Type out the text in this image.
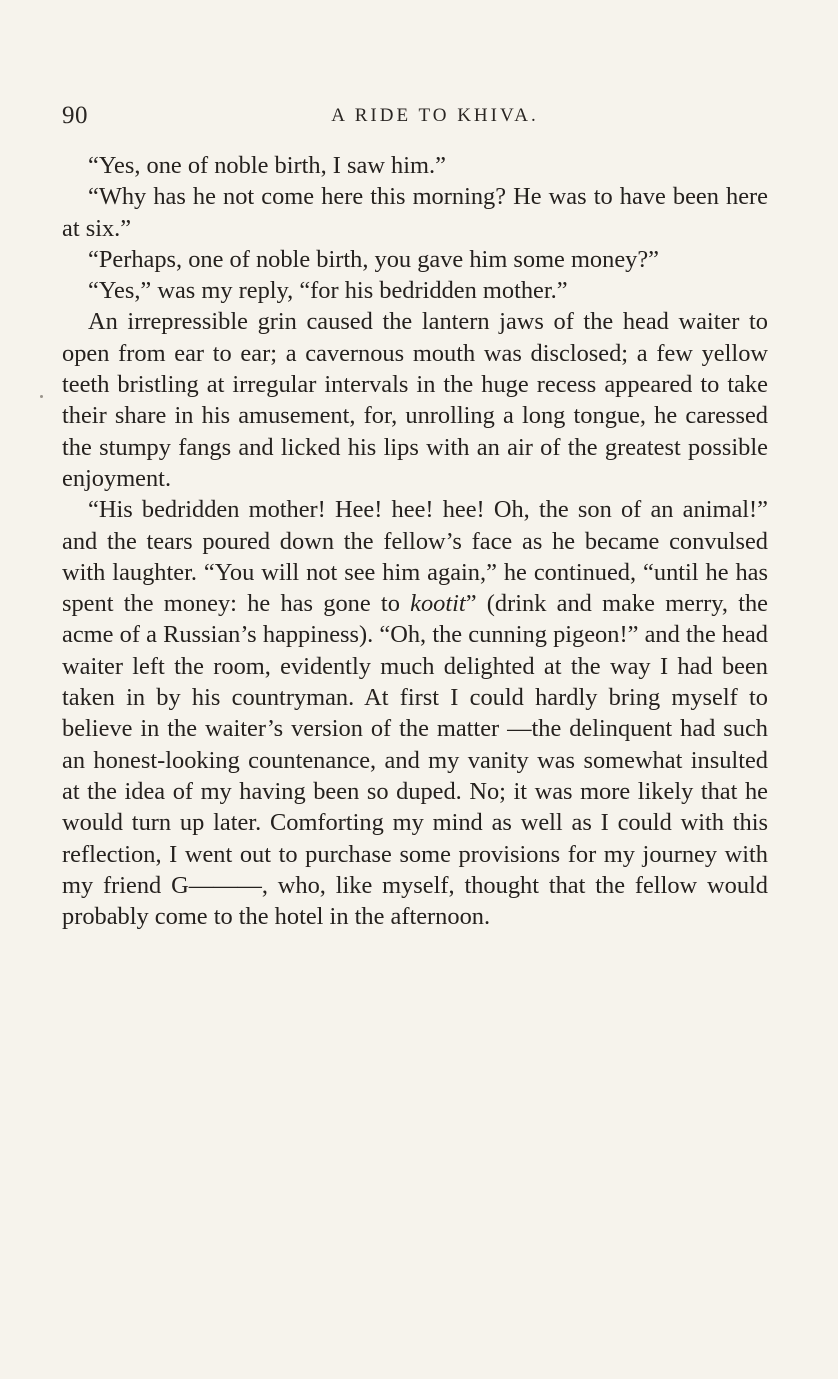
90	A RIDE TO KHIVA.

“Yes, one of noble birth, I saw him.”

“Why has he not come here this morning? He was to have been here at six.”

“Perhaps, one of noble birth, you gave him some money?”

“Yes,” was my reply, “for his bedridden mother.”

An irrepressible grin caused the lantern jaws of the head waiter to open from ear to ear; a cavernous mouth was disclosed; a few yellow teeth bristling at irregular intervals in the huge recess appeared to take their share in his amusement, for, unrolling a long tongue, he caressed the stumpy fangs and licked his lips with an air of the greatest possible enjoyment.

“His bedridden mother! Hee! hee! hee! Oh, the son of an animal!” and the tears poured down the fellow’s face as he became convulsed with laughter. “You will not see him again,” he continued, “until he has spent the money: he has gone to kootit” (drink and make merry, the acme of a Russian’s happiness). “Oh, the cunning pigeon!” and the head waiter left the room, evidently much delighted at the way I had been taken in by his countryman. At first I could hardly bring myself to believe in the waiter’s version of the matter —the delinquent had such an honest-looking countenance, and my vanity was somewhat insulted at the idea of my having been so duped. No; it was more likely that he would turn up later. Comforting my mind as well as I could with this reflection, I went out to purchase some provisions for my journey with my friend G———, who, like myself, thought that the fellow would probably come to the hotel in the afternoon.
